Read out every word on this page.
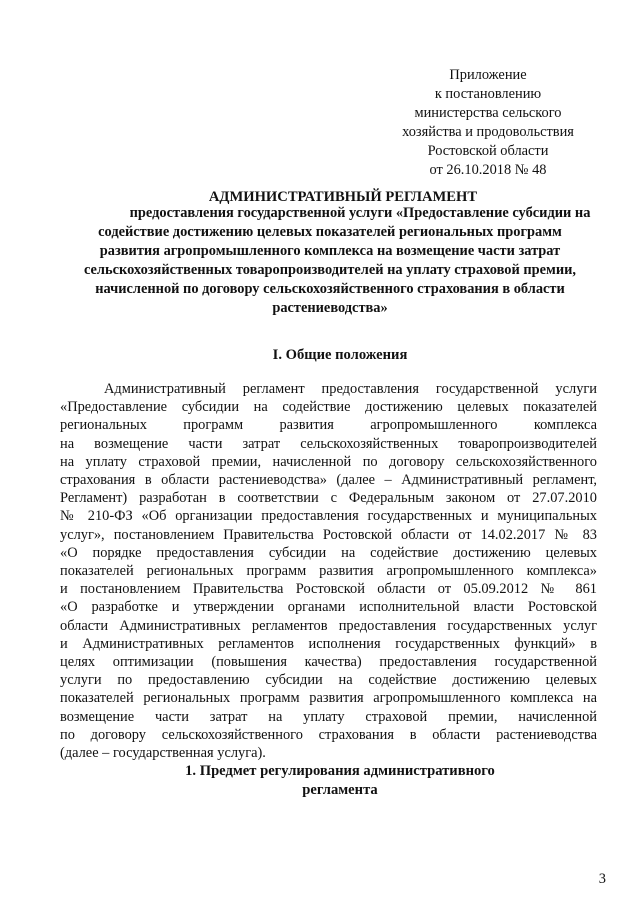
Приложение
к постановлению
министерства сельского
хозяйства и продовольствия
Ростовской области
от 26.10.2018 № 48
АДМИНИСТРАТИВНЫЙ РЕГЛАМЕНТ
предоставления государственной услуги «Предоставление субсидии на
содействие достижению целевых показателей региональных программ
развития агропромышленного комплекса на возмещение части затрат
сельскохозяйственных товаропроизводителей на уплату страховой премии,
начисленной по договору сельскохозяйственного страхования в области
растениеводства»
I. Общие положения
Административный регламент предоставления государственной услуги
«Предоставление субсидии на содействие достижению целевых показателей
региональных программ развития агропромышленного комплекса
на возмещение части затрат сельскохозяйственных товаропроизводителей
на уплату страховой премии, начисленной по договору сельскохозяйственного
страхования в области растениеводства» (далее – Административный регламент,
Регламент) разработан в соответствии с Федеральным законом от 27.07.2010
№ 210-ФЗ «Об организации предоставления государственных и муниципальных
услуг», постановлением Правительства Ростовской области от 14.02.2017 № 83
«О порядке предоставления субсидии на содействие достижению целевых
показателей региональных программ развития агропромышленного комплекса»
и постановлением Правительства Ростовской области от 05.09.2012 № 861
«О разработке и утверждении органами исполнительной власти Ростовской
области Административных регламентов предоставления государственных услуг
и Административных регламентов исполнения государственных функций» в
целях оптимизации (повышения качества) предоставления государственной
услуги по предоставлению субсидии на содействие достижению целевых
показателей региональных программ развития агропромышленного комплекса на
возмещение части затрат на уплату страховой премии, начисленной
по договору сельскохозяйственного страхования в области растениеводства
(далее – государственная услуга).
1. Предмет регулирования административного
регламента
3
